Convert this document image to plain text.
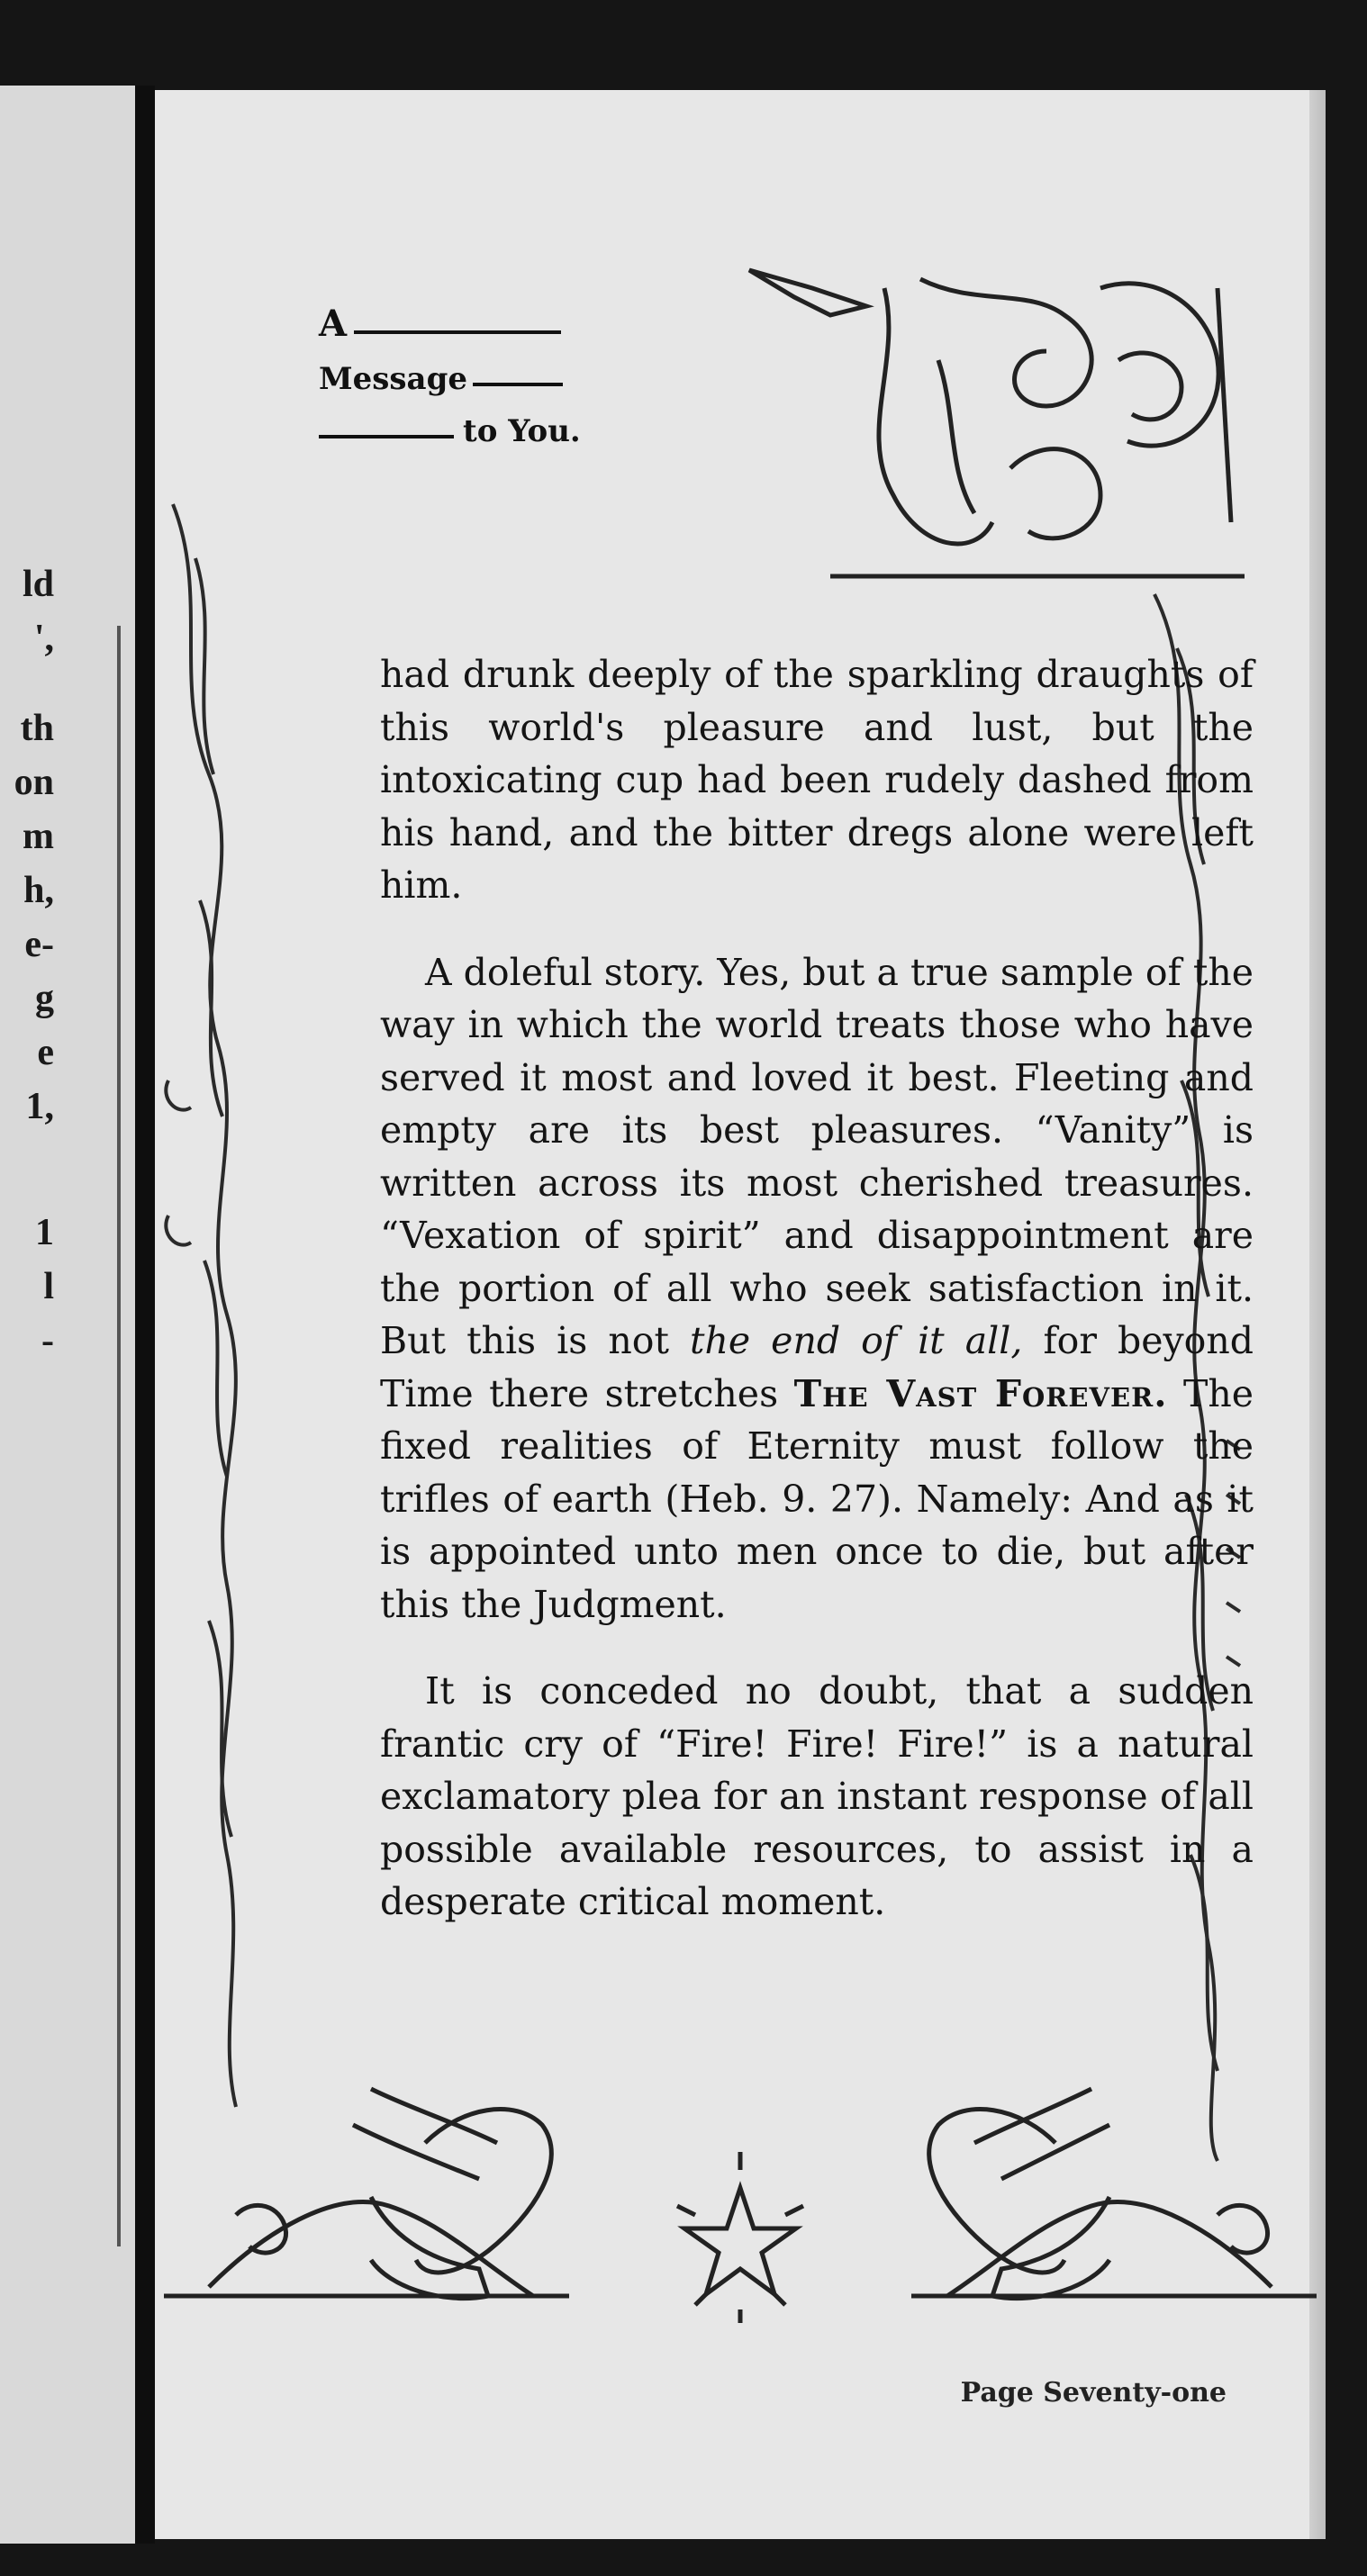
ld
',
th
on
m
h,
e-
g
e
1,
1
l
-
A
Message
to You.

had drunk deeply of the sparkling draughts of this world's pleasure and lust, but the intoxicating cup had been rudely dashed from his hand, and the bitter dregs alone were left him.

A doleful story. Yes, but a true sample of the way in which the world treats those who have served it most and loved it best. Fleeting and empty are its best pleasures. “Vanity” is written across its most cherished treasures. “Vexation of spirit” and disappointment are the portion of all who seek satisfaction in it. But this is not the end of it all, for beyond Time there stretches The Vast Forever. The fixed realities of Eternity must follow the trifles of earth (Heb. 9. 27). Namely: And as it is appointed unto men once to die, but after this the Judgment.

It is conceded no doubt, that a sudden frantic cry of “Fire! Fire! Fire!” is a natural exclamatory plea for an instant response of all possible available resources, to assist in a desperate critical moment.

Page Seventy-one
